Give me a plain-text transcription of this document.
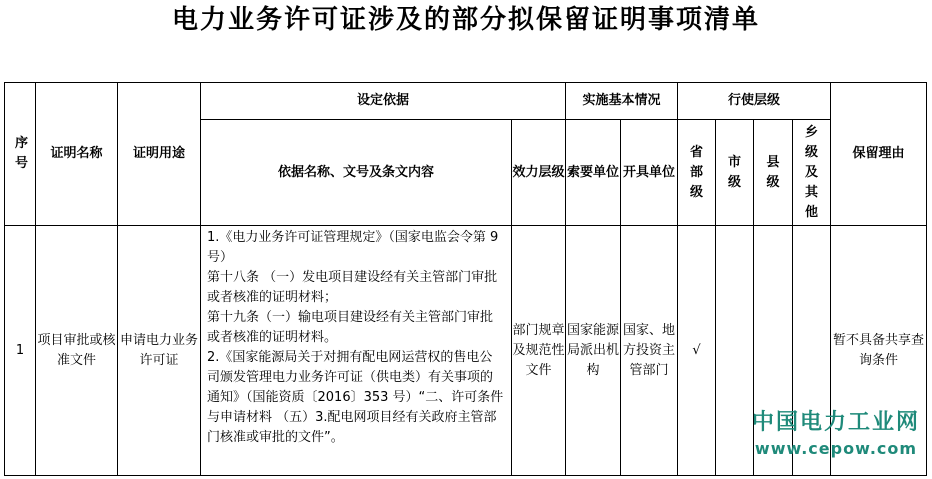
电力业务许可证涉及的部分拟保留证明事项清单
序号	证明名称	证明用途	设定依据		实施基本情况		行使层级				保留理由
			依据名称、文号及条文内容	效力层级	索要单位	开具单位	省部级	市级	县级	乡级及其他	
1	项目审批或核准文件	申请电力业务许可证	1.《电力业务许可证管理规定》（国家电监会令第 9 号）
第十八条 （一）发电项目建设经有关主管部门审批或者核准的证明材料；
第十九条（一）输电项目建设经有关主管部门审批或者核准的证明材料。
2.《国家能源局关于对拥有配电网运营权的售电公司颁发管理电力业务许可证（供电类）有关事项的通知》（国能资质〔2016〕353 号）“二、许可条件与申请材料 （五）3.配电网项目经有关政府主管部门核准或审批的文件”。	部门规章及规范性文件	国家能源局派出机构	国家、地方投资主管部门	√				暂不具备共享查询条件
中国电力工业网
www.cepow.com
